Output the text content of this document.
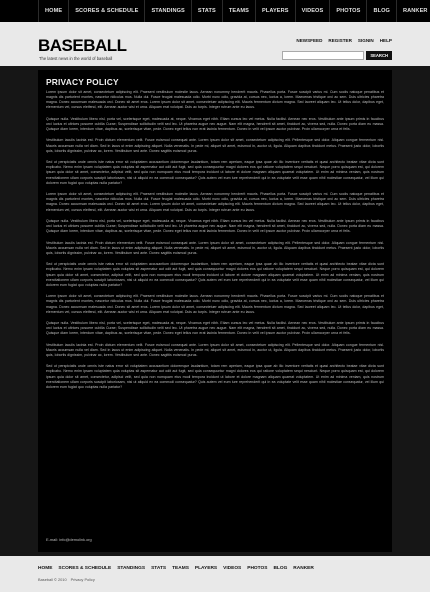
HOME	SCORES & SCHEDULE	STANDINGS	STATS	TEAMS	PLAYERS	VIDEOS	PHOTOS	BLOG	RANKER
BASEBALL
The latest news in the world of baseball
NEWSFEED REGISTER SIGNIN HELP
SEARCH
PRIVACY POLICY

Lorem ipsum dolor sit amet, consectetuer adipiscing elit. Praesent vestibulum molestie lacus. Aenean nonummy hendrerit mauris. Phasellus porta. Fusce suscipit varius mi. Cum sociis natoque penatibus et magnis dis parturient montes, nascetur ridiculus mus. Nulla dui. Fusce feugiat malesuada odio. Morbi nunc odio, gravida at, cursus nec, luctus a, lorem. Maecenas tristique orci ac sem. Duis ultricies pharetra magna. Donec accumsan malesuada orci. Donec sit amet eros. Lorem ipsum dolor sit amet, consectetuer adipiscing elit. Mauris fermentum dictum magna. Sed laoreet aliquam leo. Ut tellus dolor, dapibus eget, elementum vel, cursus eleifend, elit. Aenean auctor wisi et urna. Aliquam erat volutpat. Duis ac turpis. Integer rutrum ante eu lacus.

Quisque nulla. Vestibulum libero nisl, porta vel, scelerisque eget, malesuada at, neque. Vivamus eget nibh. Etiam cursus leo vel metus. Nulla facilisi. Aenean nec eros. Vestibulum ante ipsum primis in faucibus orci luctus et ultrices posuere cubilia Curae; Suspendisse sollicitudin velit sed leo. Ut pharetra augue nec augue. Nam elit magna, hendrerit sit amet, tincidunt ac, viverra sed, nulla. Donec porta diam eu massa. Quisque diam lorem, interdum vitae, dapibus ac, scelerisque vitae, pede. Donec eget tellus non erat lacinia fermentum. Donec in velit vel ipsum auctor pulvinar. Proin ullamcorper urna et felis.

Vestibulum iaculis lacinia est. Proin dictum elementum velit. Fusce euismod consequat ante. Lorem ipsum dolor sit amet, consectetuer adipiscing elit. Pellentesque sed dolor. Aliquam congue fermentum nisl. Mauris accumsan nulla vel diam. Sed in lacus ut enim adipiscing aliquet. Nulla venenatis. In pede mi, aliquet sit amet, euismod in, auctor ut, ligula. Aliquam dapibus tincidunt metus. Praesent justo dolor, lobortis quis, lobortis dignissim, pulvinar ac, lorem. Vestibulum sed ante. Donec sagittis euismod purus.

Sed ut perspiciatis unde omnis iste natus error sit voluptatem accusantium doloremque laudantium, totam rem aperiam, eaque ipsa quae ab illo inventore veritatis et quasi architecto beatae vitae dicta sunt explicabo. Nemo enim ipsam voluptatem quia voluptas sit aspernatur aut odit aut fugit, sed quia consequuntur magni dolores eos qui ratione voluptatem sequi nesciunt. Neque porro quisquam est, qui dolorem ipsum quia dolor sit amet, consectetur, adipisci velit, sed quia non numquam eius modi tempora incidunt ut labore et dolore magnam aliquam quaerat voluptatem. Ut enim ad minima veniam, quis nostrum exercitationem ullam corporis suscipit laboriosam, nisi ut aliquid ex ea commodi consequatur? Quis autem vel eum iure reprehenderit qui in ea voluptate velit esse quam nihil molestiae consequatur, vel illum qui dolorem eum fugiat quo voluptas nulla pariatur?

Lorem ipsum dolor sit amet, consectetuer adipiscing elit. Praesent vestibulum molestie lacus. Aenean nonummy hendrerit mauris. Phasellus porta. Fusce suscipit varius mi. Cum sociis natoque penatibus et magnis dis parturient montes, nascetur ridiculus mus. Nulla dui. Fusce feugiat malesuada odio. Morbi nunc odio, gravida at, cursus nec, luctus a, lorem. Maecenas tristique orci ac sem. Duis ultricies pharetra magna. Donec accumsan malesuada orci. Donec sit amet eros. Lorem ipsum dolor sit amet, consectetuer adipiscing elit. Mauris fermentum dictum magna. Sed laoreet aliquam leo. Ut tellus dolor, dapibus eget, elementum vel, cursus eleifend, elit. Aenean auctor wisi et urna. Aliquam erat volutpat. Duis ac turpis. Integer rutrum ante eu lacus.

Quisque nulla. Vestibulum libero nisl, porta vel, scelerisque eget, malesuada at, neque. Vivamus eget nibh. Etiam cursus leo vel metus. Nulla facilisi. Aenean nec eros. Vestibulum ante ipsum primis in faucibus orci luctus et ultrices posuere cubilia Curae; Suspendisse sollicitudin velit sed leo. Ut pharetra augue nec augue. Nam elit magna, hendrerit sit amet, tincidunt ac, viverra sed, nulla. Donec porta diam eu massa. Quisque diam lorem, interdum vitae, dapibus ac, scelerisque vitae, pede. Donec eget tellus non erat lacinia fermentum. Donec in velit vel ipsum auctor pulvinar. Proin ullamcorper urna et felis.

Vestibulum iaculis lacinia est. Proin dictum elementum velit. Fusce euismod consequat ante. Lorem ipsum dolor sit amet, consectetuer adipiscing elit. Pellentesque sed dolor. Aliquam congue fermentum nisl. Mauris accumsan nulla vel diam. Sed in lacus ut enim adipiscing aliquet. Nulla venenatis. In pede mi, aliquet sit amet, euismod in, auctor ut, ligula. Aliquam dapibus tincidunt metus. Praesent justo dolor, lobortis quis, lobortis dignissim, pulvinar ac, lorem. Vestibulum sed ante. Donec sagittis euismod purus.

Sed ut perspiciatis unde omnis iste natus error sit voluptatem accusantium doloremque laudantium, totam rem aperiam, eaque ipsa quae ab illo inventore veritatis et quasi architecto beatae vitae dicta sunt explicabo. Nemo enim ipsam voluptatem quia voluptas sit aspernatur aut odit aut fugit, sed quia consequuntur magni dolores eos qui ratione voluptatem sequi nesciunt. Neque porro quisquam est, qui dolorem ipsum quia dolor sit amet, consectetur, adipisci velit, sed quia non numquam eius modi tempora incidunt ut labore et dolore magnam aliquam quaerat voluptatem. Ut enim ad minima veniam, quis nostrum exercitationem ullam corporis suscipit laboriosam, nisi ut aliquid ex ea commodi consequatur? Quis autem vel eum iure reprehenderit qui in ea voluptate velit esse quam nihil molestiae consequatur, vel illum qui dolorem eum fugiat quo voluptas nulla pariatur?

Lorem ipsum dolor sit amet, consectetuer adipiscing elit. Praesent vestibulum molestie lacus. Aenean nonummy hendrerit mauris. Phasellus porta. Fusce suscipit varius mi. Cum sociis natoque penatibus et magnis dis parturient montes, nascetur ridiculus mus. Nulla dui. Fusce feugiat malesuada odio. Morbi nunc odio, gravida at, cursus nec, luctus a, lorem. Maecenas tristique orci ac sem. Duis ultricies pharetra magna. Donec accumsan malesuada orci. Donec sit amet eros. Lorem ipsum dolor sit amet, consectetuer adipiscing elit. Mauris fermentum dictum magna. Sed laoreet aliquam leo. Ut tellus dolor, dapibus eget, elementum vel, cursus eleifend, elit. Aenean auctor wisi et urna. Aliquam erat volutpat. Duis ac turpis. Integer rutrum ante eu lacus.

Quisque nulla. Vestibulum libero nisl, porta vel, scelerisque eget, malesuada at, neque. Vivamus eget nibh. Etiam cursus leo vel metus. Nulla facilisi. Aenean nec eros. Vestibulum ante ipsum primis in faucibus orci luctus et ultrices posuere cubilia Curae; Suspendisse sollicitudin velit sed leo. Ut pharetra augue nec augue. Nam elit magna, hendrerit sit amet, tincidunt ac, viverra sed, nulla. Donec porta diam eu massa. Quisque diam lorem, interdum vitae, dapibus ac, scelerisque vitae, pede. Donec eget tellus non erat lacinia fermentum. Donec in velit vel ipsum auctor pulvinar. Proin ullamcorper urna et felis.

Vestibulum iaculis lacinia est. Proin dictum elementum velit. Fusce euismod consequat ante. Lorem ipsum dolor sit amet, consectetuer adipiscing elit. Pellentesque sed dolor. Aliquam congue fermentum nisl. Mauris accumsan nulla vel diam. Sed in lacus ut enim adipiscing aliquet. Nulla venenatis. In pede mi, aliquet sit amet, euismod in, auctor ut, ligula. Aliquam dapibus tincidunt metus. Praesent justo dolor, lobortis quis, lobortis dignissim, pulvinar ac, lorem. Vestibulum sed ante. Donec sagittis euismod purus.

Sed ut perspiciatis unde omnis iste natus error sit voluptatem accusantium doloremque laudantium, totam rem aperiam, eaque ipsa quae ab illo inventore veritatis et quasi architecto beatae vitae dicta sunt explicabo. Nemo enim ipsam voluptatem quia voluptas sit aspernatur aut odit aut fugit, sed quia consequuntur magni dolores eos qui ratione voluptatem sequi nesciunt. Neque porro quisquam est, qui dolorem ipsum quia dolor sit amet, consectetur, adipisci velit, sed quia non numquam eius modi tempora incidunt ut labore et dolore magnam aliquam quaerat voluptatem. Ut enim ad minima veniam, quis nostrum exercitationem ullam corporis suscipit laboriosam, nisi ut aliquid ex ea commodi consequatur? Quis autem vel eum iure reprehenderit qui in ea voluptate velit esse quam nihil molestiae consequatur, vel illum qui dolorem eum fugiat quo voluptas nulla pariatur?

E-mail: info@demolink.org
HOME SCORES & SCHEDULE STANDINGS STATS TEAMS PLAYERS VIDEOS PHOTOS BLOG RANKER
Baseball © 2010 Privacy Policy
